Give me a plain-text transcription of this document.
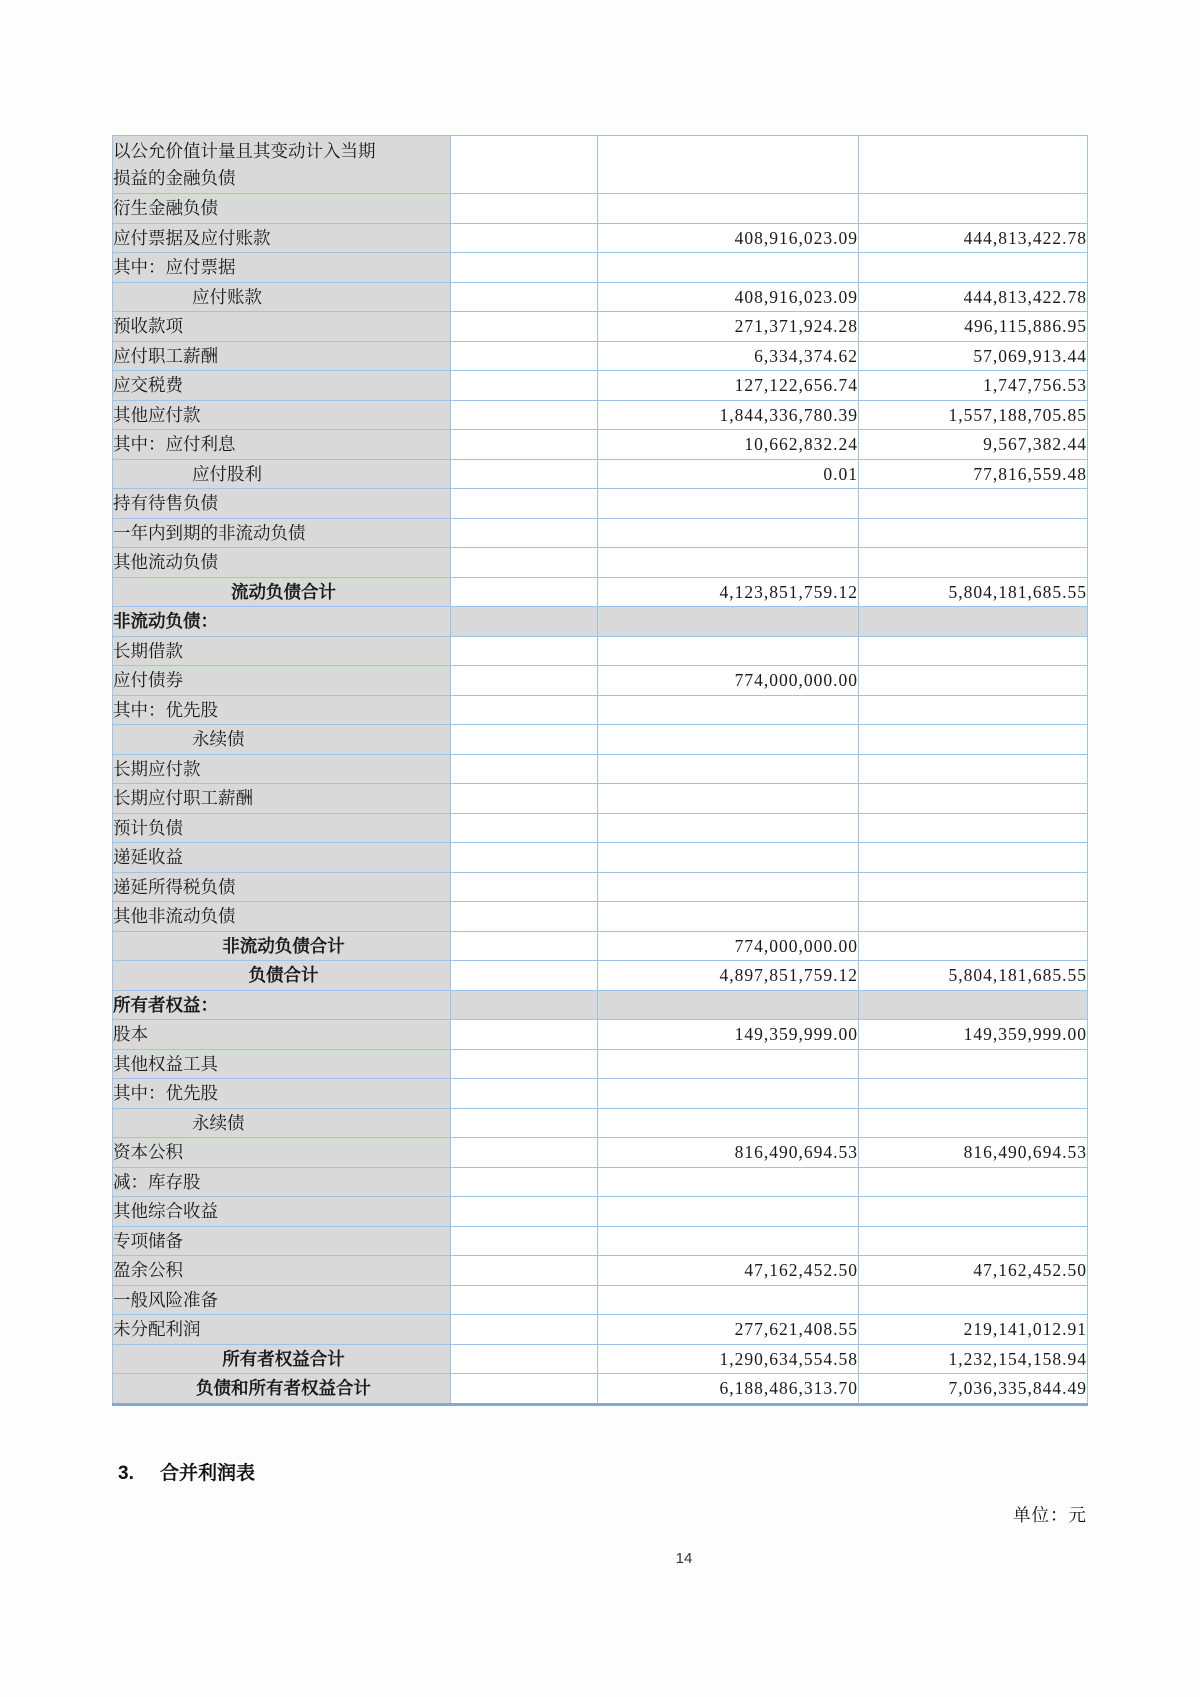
以公允价值计量且其变动计入当期损益的金融负债			
衍生金融负债			
应付票据及应付账款		408,916,023.09	444,813,422.78
其中：应付票据			
应付账款		408,916,023.09	444,813,422.78
预收款项		271,371,924.28	496,115,886.95
应付职工薪酬		6,334,374.62	57,069,913.44
应交税费		127,122,656.74	1,747,756.53
其他应付款		1,844,336,780.39	1,557,188,705.85
其中：应付利息		10,662,832.24	9,567,382.44
应付股利		0.01	77,816,559.48
持有待售负债			
一年内到期的非流动负债			
其他流动负债			
流动负债合计		4,123,851,759.12	5,804,181,685.55
非流动负债：			
长期借款			
应付债券		774,000,000.00	
其中：优先股			
永续债			
长期应付款			
长期应付职工薪酬			
预计负债			
递延收益			
递延所得税负债			
其他非流动负债			
非流动负债合计		774,000,000.00	
负债合计		4,897,851,759.12	5,804,181,685.55
所有者权益：			
股本		149,359,999.00	149,359,999.00
其他权益工具			
其中：优先股			
永续债			
资本公积		816,490,694.53	816,490,694.53
减：库存股			
其他综合收益			
专项储备			
盈余公积		47,162,452.50	47,162,452.50
一般风险准备			
未分配利润		277,621,408.55	219,141,012.91
所有者权益合计		1,290,634,554.58	1,232,154,158.94
负债和所有者权益合计		6,188,486,313.70	7,036,335,844.49
3. 合并利润表
单位：元
14
